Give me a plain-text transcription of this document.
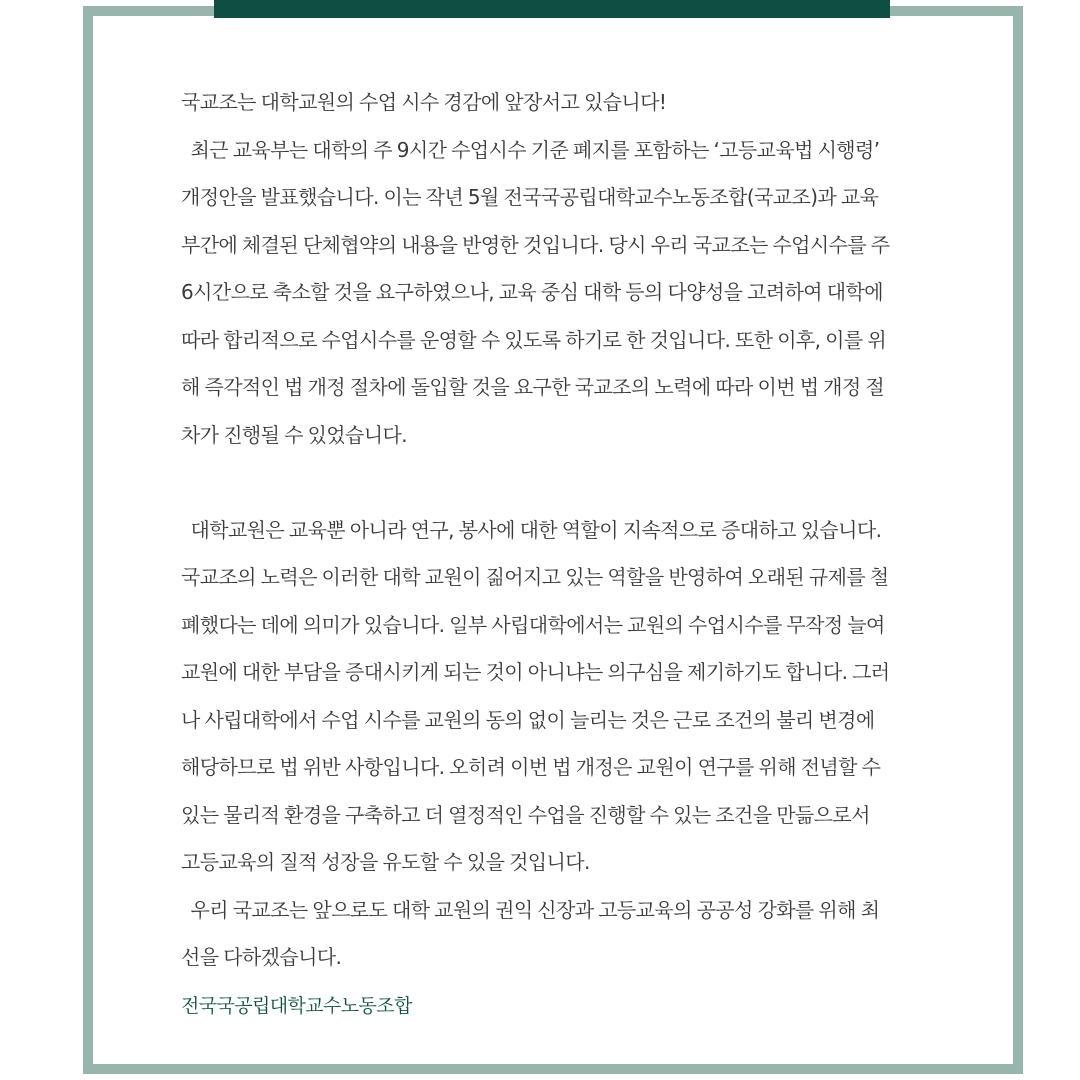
국교조는 대학교원의 수업 시수 경감에 앞장서고 있습니다!
최근 교육부는 대학의 주 9시간 수업시수 기준 폐지를 포함하는 ‘고등교육법 시행령’
개정안을 발표했습니다. 이는 작년 5월 전국국공립대학교수노동조합(국교조)과 교육
부간에 체결된 단체협약의 내용을 반영한 것입니다. 당시 우리 국교조는 수업시수를 주
6시간으로 축소할 것을 요구하였으나, 교육 중심 대학 등의 다양성을 고려하여 대학에
따라 합리적으로 수업시수를 운영할 수 있도록 하기로 한 것입니다. 또한 이후, 이를 위
해 즉각적인 법 개정 절차에 돌입할 것을 요구한 국교조의 노력에 따라 이번 법 개정 절
차가 진행될 수 있었습니다.
대학교원은 교육뿐 아니라 연구, 봉사에 대한 역할이 지속적으로 증대하고 있습니다.
국교조의 노력은 이러한 대학 교원이 짊어지고 있는 역할을 반영하여 오래된 규제를 철
폐했다는 데에 의미가 있습니다. 일부 사립대학에서는 교원의 수업시수를 무작정 늘여
교원에 대한 부담을 증대시키게 되는 것이 아니냐는 의구심을 제기하기도 합니다. 그러
나 사립대학에서 수업 시수를 교원의 동의 없이 늘리는 것은 근로 조건의 불리 변경에
해당하므로 법 위반 사항입니다. 오히려 이번 법 개정은 교원이 연구를 위해 전념할 수
있는 물리적 환경을 구축하고 더 열정적인 수업을 진행할 수 있는 조건을 만듦으로서
고등교육의 질적 성장을 유도할 수 있을 것입니다.
우리 국교조는 앞으로도 대학 교원의 권익 신장과 고등교육의 공공성 강화를 위해 최
선을 다하겠습니다.
전국국공립대학교수노동조합
